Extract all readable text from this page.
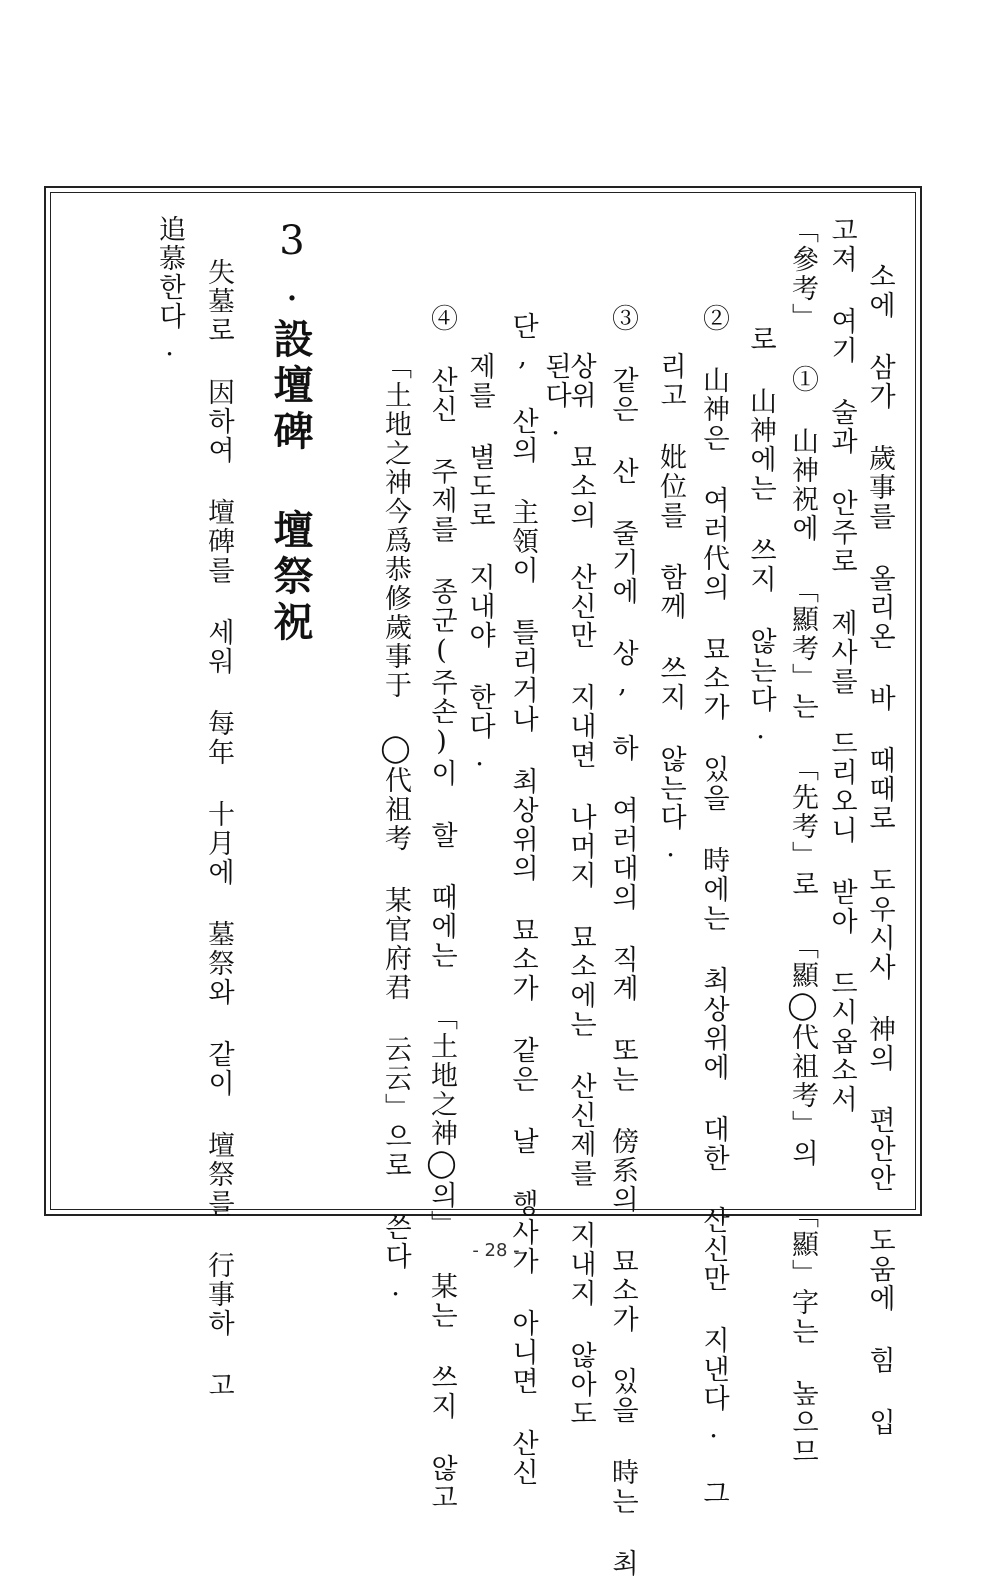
소에 삼가 歲事를 올리온 바 때때로 도우시사 神의 편안안 도움에 힘 입

고져 여기 술과 안주로 제사를 드리오니 받아 드시옵소서

「參考」 ① 山神祝에 「顯考」는 「先考」로 「顯◯代祖考」의 「顯」字는 높으므

로 山神에는 쓰지 않는다.

② 山神은 여러代의 묘소가 있을 時에는 최상위에 대한 산신만 지낸다. 그

리고 妣位를 함께 쓰지 않는다.

③ 같은 산 줄기에 상, 하 여러대의 직계 또는 傍系의 묘소가 있을 時는 최

상위 묘소의 산신만 지내면 나머지 묘소에는 산신제를 지내지 않아도

된다.

단, 산의 主領이 틀리거나 최상위의 묘소가 같은 날 행사가 아니면 산신

제를 별도로 지내야 한다.

④ 산신 주제를 종군(주손)이 할 때에는 「土地之神◯의」 某는 쓰지 않고

「土地之神今爲恭修歲事于 ◯代祖考 某官府君 云云」으로 쓴다.

3.

設壇碑 壇祭祝

失墓로 因하여 壇碑를 세워 每年 十月에 墓祭와 같이 壇祭를 行事하 고

追慕한다.

- 28 -
